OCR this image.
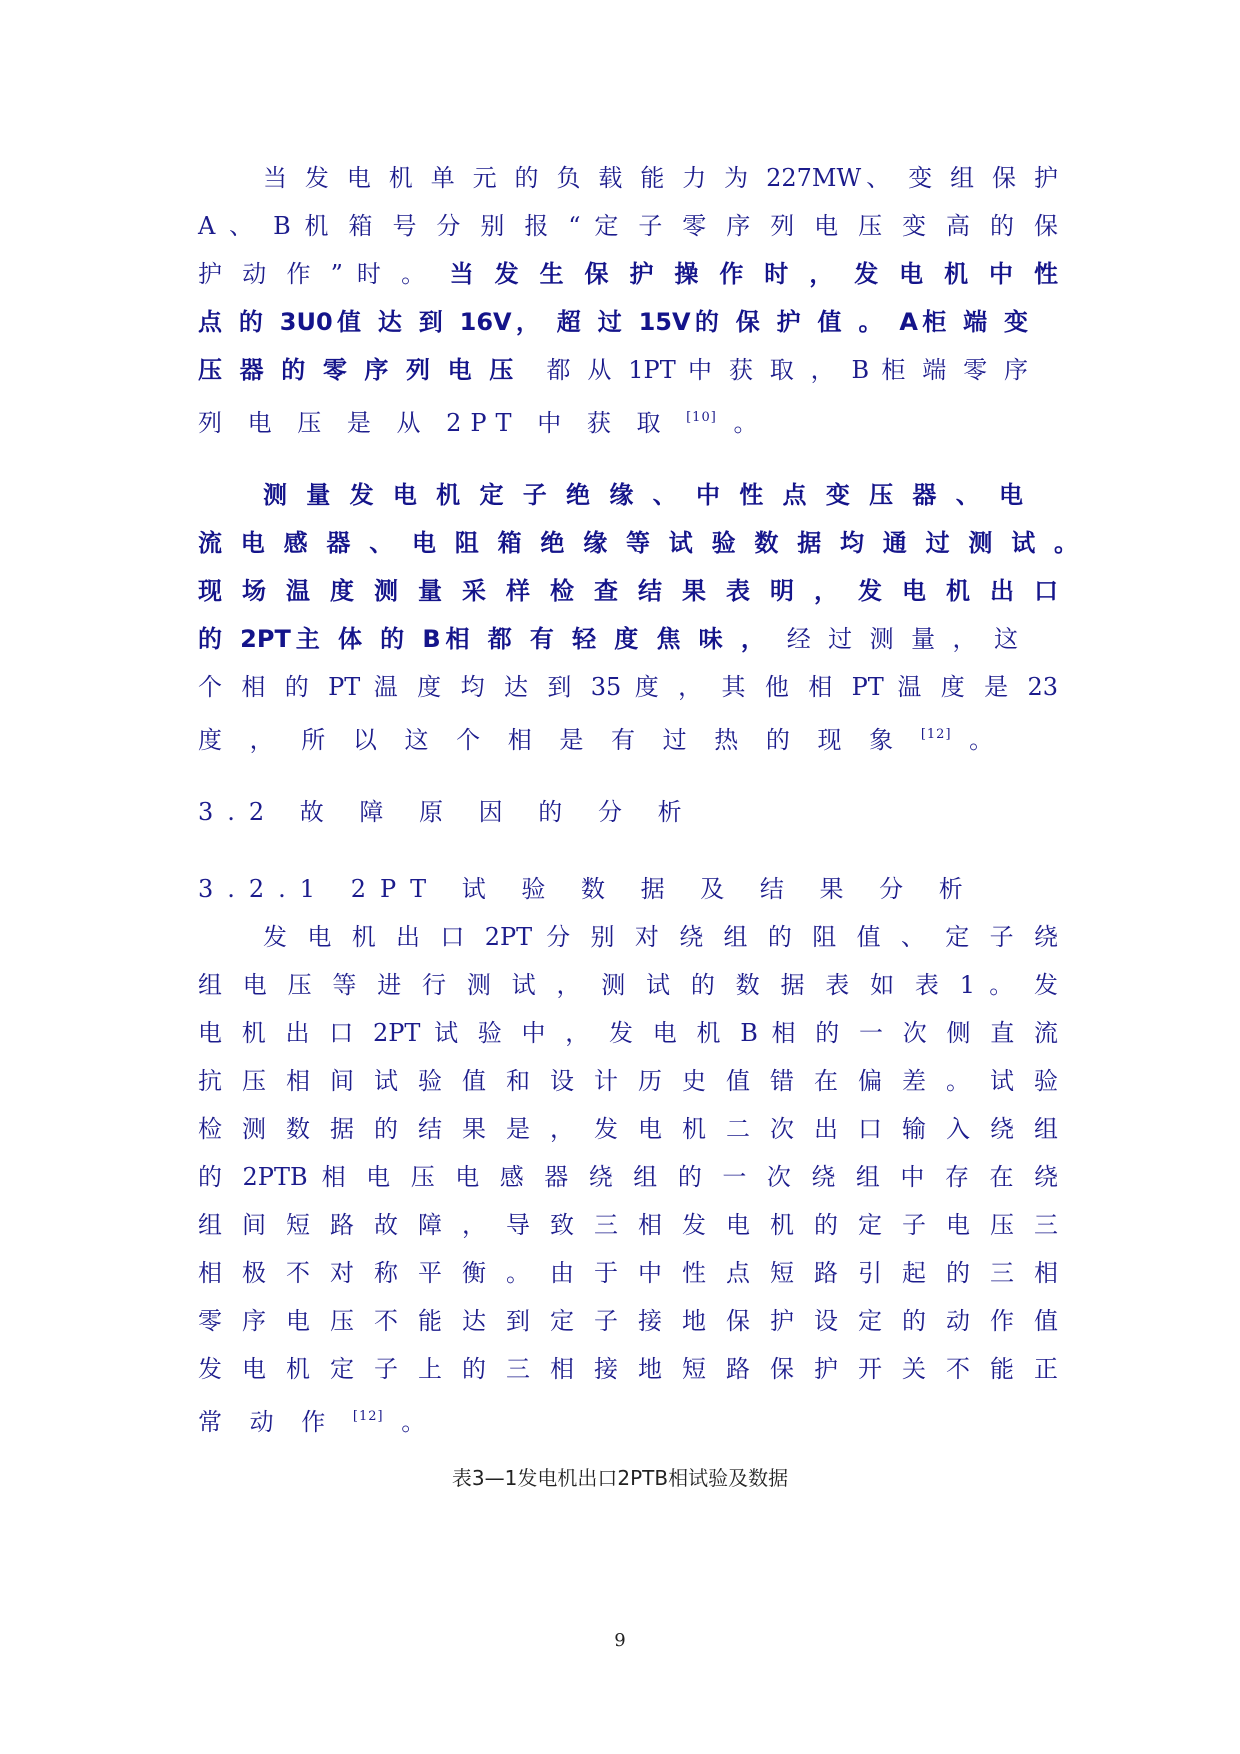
当 发 电 机 单 元 的 负 载 能 力 为 227MW、 变 组 保 护
A 、 B 机 箱 号 分 别 报 “ 定 子 零 序 列 电 压 变 高 的 保
护 动 作 ” 时 。　 当 发 生 保 护 操 作 时 ， 发 电 机 中 性
点 的 3U0值 达 到 16V， 超 过 15V的 保 护 值 。 A柜 端 变
压 器 的 零 序 列 电 压　 都 从 1PT 中 获 取 ， B 柜 端 零 序
列 电 压 是 从 2PT 中 获 取 [10] 。
测 量 发 电 机 定 子 绝 缘 、 中 性 点 变 压 器 、 电
流 电 感 器 、 电 阻 箱 绝 缘 等 试 验 数 据 均 通 过 测 试 。
现 场 温 度 测 量 采 样 检 查 结 果 表 明 ， 发 电 机 出 口
的 2PT主 体 的 B相 都 有 轻 度 焦 味 ，　 经 过 测 量 ， 这
个 相 的 PT 温 度 均 达 到 35 度 ， 其 他 相 PT 温 度 是 23
度 ， 所 以 这 个 相 是 有 过 热 的 现 象 [12] 。
3.2 故 障 原 因 的 分 析
3.2.1 2PT 试 验 数 据 及 结 果 分 析
发 电 机 出 口 2PT 分 别 对 绕 组 的 阻 值 、 定 子 绕
组 电 压 等 进 行 测 试 ， 测 试 的 数 据 表 如 表 1 。 发
电 机 出 口 2PT 试 验 中 ， 发 电 机 B 相 的 一 次 侧 直 流
抗 压 相 间 试 验 值 和 设 计 历 史 值 错 在 偏 差 。 试 验
检 测 数 据 的 结 果 是 ， 发 电 机 二 次 出 口 输 入 绕 组
的 2PTB 相 电 压 电 感 器 绕 组 的 一 次 绕 组 中 存 在 绕
组 间 短 路 故 障 ， 导 致 三 相 发 电 机 的 定 子 电 压 三
相 极 不 对 称 平 衡 。 由 于 中 性 点 短 路 引 起 的 三 相
零 序 电 压 不 能 达 到 定 子 接 地 保 护 设 定 的 动 作 值
发 电 机 定 子 上 的 三 相 接 地 短 路 保 护 开 关 不 能 正
常 动 作 [12] 。
表3—1发电机出口2PTB相试验及数据
9
